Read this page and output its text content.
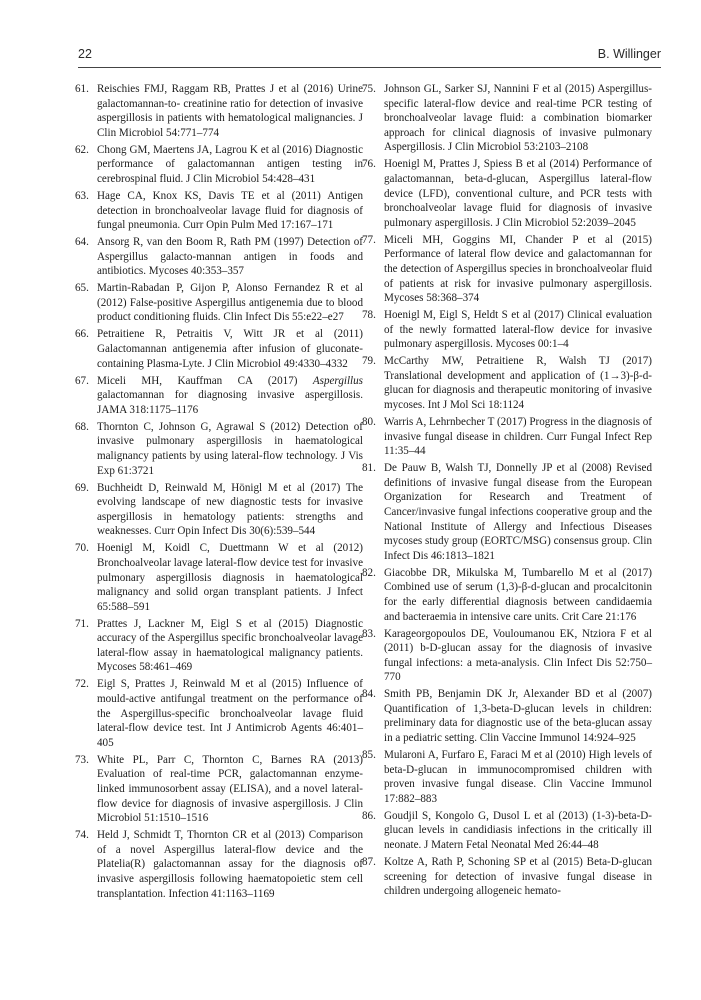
22	B. Willinger

61. Reischies FMJ, Raggam RB, Prattes J et al (2016) Urine galactomannan-to- creatinine ratio for detection of invasive aspergillosis in patients with hematological malignancies. J Clin Microbiol 54:771–774

62. Chong GM, Maertens JA, Lagrou K et al (2016) Diagnostic performance of galactomannan antigen testing in cerebrospinal fluid. J Clin Microbiol 54:428–431

63. Hage CA, Knox KS, Davis TE et al (2011) Antigen detection in bronchoalveolar lavage fluid for diagnosis of fungal pneumonia. Curr Opin Pulm Med 17:167–171

64. Ansorg R, van den Boom R, Rath PM (1997) Detection of Aspergillus galacto-mannan antigen in foods and antibiotics. Mycoses 40:353–357

65. Martin-Rabadan P, Gijon P, Alonso Fernandez R et al (2012) False-positive Aspergillus antigenemia due to blood product conditioning fluids. Clin Infect Dis 55:e22–e27

66. Petraitiene R, Petraitis V, Witt JR et al (2011) Galactomannan antigenemia after infusion of gluconate-containing Plasma-Lyte. J Clin Microbiol 49:4330–4332

67. Miceli MH, Kauffman CA (2017) Aspergillus galactomannan for diagnosing invasive aspergillosis. JAMA 318:1175–1176

68. Thornton C, Johnson G, Agrawal S (2012) Detection of invasive pulmonary aspergillosis in haematological malignancy patients by using lateral-flow technology. J Vis Exp 61:3721

69. Buchheidt D, Reinwald M, Hönigl M et al (2017) The evolving landscape of new diagnostic tests for invasive aspergillosis in hematology patients: strengths and weaknesses. Curr Opin Infect Dis 30(6):539–544

70. Hoenigl M, Koidl C, Duettmann W et al (2012) Bronchoalveolar lavage lateral-flow device test for invasive pulmonary aspergillosis diagnosis in haematological malignancy and solid organ transplant patients. J Infect 65:588–591

71. Prattes J, Lackner M, Eigl S et al (2015) Diagnostic accuracy of the Aspergillus specific bronchoalveolar lavage lateral-flow assay in haematological malignancy patients. Mycoses 58:461–469

72. Eigl S, Prattes J, Reinwald M et al (2015) Influence of mould-active antifungal treatment on the performance of the Aspergillus-specific bronchoalveolar lavage fluid lateral-flow device test. Int J Antimicrob Agents 46:401–405

73. White PL, Parr C, Thornton C, Barnes RA (2013) Evaluation of real-time PCR, galactomannan enzyme-linked immunosorbent assay (ELISA), and a novel lateral-flow device for diagnosis of invasive aspergillosis. J Clin Microbiol 51:1510–1516

74. Held J, Schmidt T, Thornton CR et al (2013) Comparison of a novel Aspergillus lateral-flow device and the Platelia(R) galactomannan assay for the diagnosis of invasive aspergillosis following haematopoietic stem cell transplantation. Infection 41:1163–1169

75. Johnson GL, Sarker SJ, Nannini F et al (2015) Aspergillus-specific lateral-flow device and real-time PCR testing of bronchoalveolar lavage fluid: a combination biomarker approach for clinical diagnosis of invasive pulmonary Aspergillosis. J Clin Microbiol 53:2103–2108

76. Hoenigl M, Prattes J, Spiess B et al (2014) Performance of galactomannan, beta-d-glucan, Aspergillus lateral-flow device (LFD), conventional culture, and PCR tests with bronchoalveolar lavage fluid for diagnosis of invasive pulmonary aspergillosis. J Clin Microbiol 52:2039–2045

77. Miceli MH, Goggins MI, Chander P et al (2015) Performance of lateral flow device and galactomannan for the detection of Aspergillus species in bronchoalveolar fluid of patients at risk for invasive pulmonary aspergillosis. Mycoses 58:368–374

78. Hoenigl M, Eigl S, Heldt S et al (2017) Clinical evaluation of the newly formatted lateral-flow device for invasive pulmonary aspergillosis. Mycoses 00:1–4

79. McCarthy MW, Petraitiene R, Walsh TJ (2017) Translational development and application of (1→3)-β-d-glucan for diagnosis and therapeutic monitoring of invasive mycoses. Int J Mol Sci 18:1124

80. Warris A, Lehrnbecher T (2017) Progress in the diagnosis of invasive fungal disease in children. Curr Fungal Infect Rep 11:35–44

81. De Pauw B, Walsh TJ, Donnelly JP et al (2008) Revised definitions of invasive fungal disease from the European Organization for Research and Treatment of Cancer/invasive fungal infections cooperative group and the National Institute of Allergy and Infectious Diseases mycoses study group (EORTC/MSG) consensus group. Clin Infect Dis 46:1813–1821

82. Giacobbe DR, Mikulska M, Tumbarello M et al (2017) Combined use of serum (1,3)-β-d-glucan and procalcitonin for the early differential diagnosis between candidaemia and bacteraemia in intensive care units. Crit Care 21:176

83. Karageorgopoulos DE, Vouloumanou EK, Ntziora F et al (2011) b-D-glucan assay for the diagnosis of invasive fungal infections: a meta-analysis. Clin Infect Dis 52:750–770

84. Smith PB, Benjamin DK Jr, Alexander BD et al (2007) Quantification of 1,3-beta-D-glucan levels in children: preliminary data for diagnostic use of the beta-glucan assay in a pediatric setting. Clin Vaccine Immunol 14:924–925

85. Mularoni A, Furfaro E, Faraci M et al (2010) High levels of beta-D-glucan in immunocompromised children with proven invasive fungal disease. Clin Vaccine Immunol 17:882–883

86. Goudjil S, Kongolo G, Dusol L et al (2013) (1-3)-beta-D-glucan levels in candidiasis infections in the critically ill neonate. J Matern Fetal Neonatal Med 26:44–48

87. Koltze A, Rath P, Schoning SP et al (2015) Beta-D-glucan screening for detection of invasive fungal disease in children undergoing allogeneic hemato-
